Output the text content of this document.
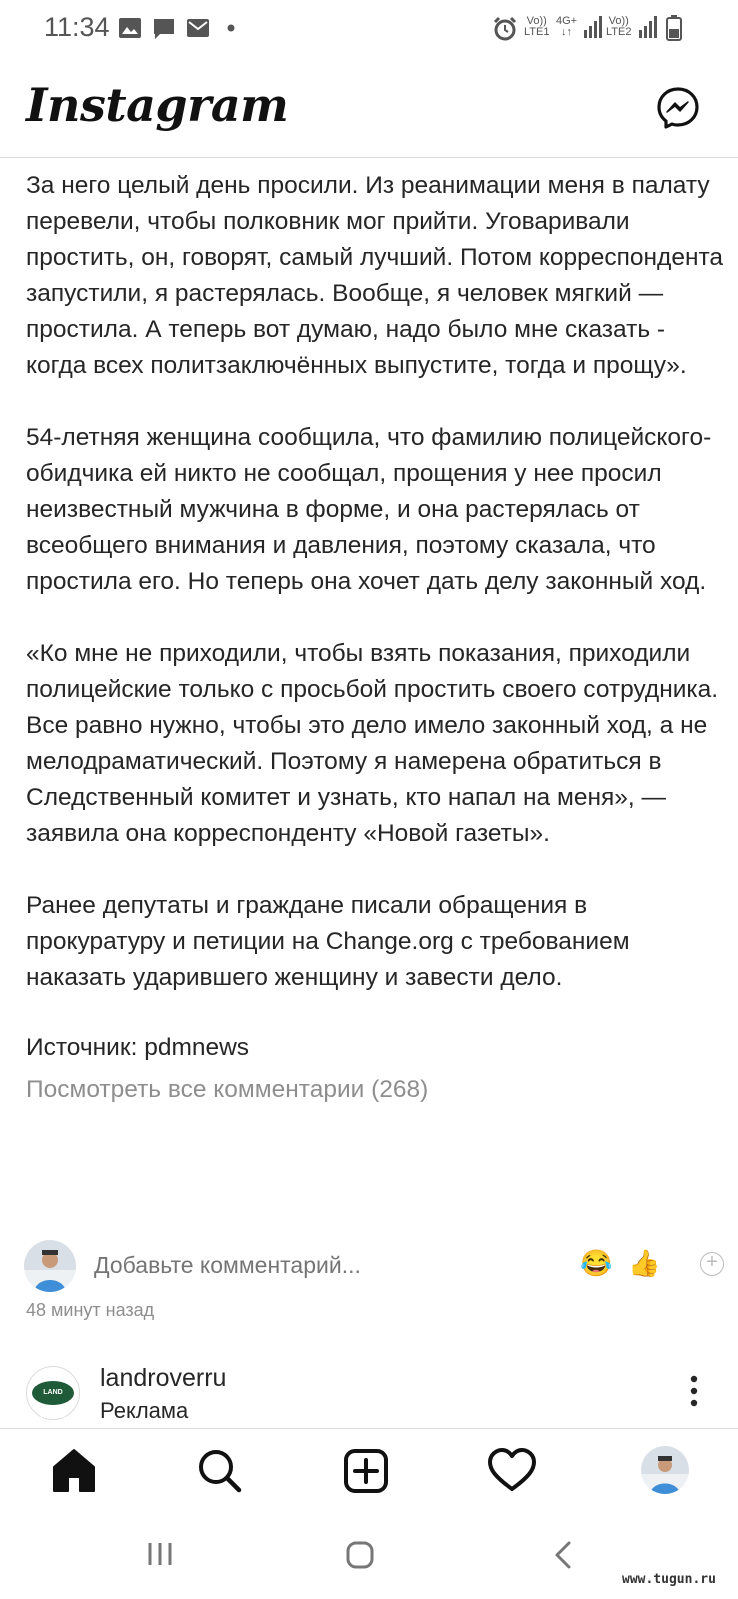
11:34	Vo))
LTE1
4G+
↓↑
Vo))
LTE2
Instagram

За него целый день просили. Из реанимации меня в палату перевели, чтобы полковник мог прийти. Уговаривали простить, он, говорят, самый лучший. Потом корреспондента запустили, я растерялась. Вообще, я человек мягкий — простила. А теперь вот думаю, надо было мне сказать - когда всех политзаключённых выпустите, тогда и прощу».

54-летняя женщина сообщила, что фамилию полицейского-обидчика ей никто не сообщал, прощения у нее просил неизвестный мужчина в форме, и она растерялась от всеобщего внимания и давления, поэтому сказала, что простила его. Но теперь она хочет дать делу законный ход.

«Ко мне не приходили, чтобы взять показания, приходили полицейские только с просьбой простить своего сотрудника. Все равно нужно, чтобы это дело имело законный ход, а не мелодраматический. Поэтому я намерена обратиться в Следственный комитет и узнать, кто напал на меня», — заявила она корреспонденту «Новой газеты».

Ранее депутаты и граждане писали обращения в прокуратуру и петиции на Change.org с требованием наказать ударившего женщину и завести дело.

Источник: pdmnews

Посмотреть все комментарии (268)

Добавьте комментарий...
😂 👍	+
48 минут назад
LAND ROVER
landroverru
Реклама
www.tugun.ru
